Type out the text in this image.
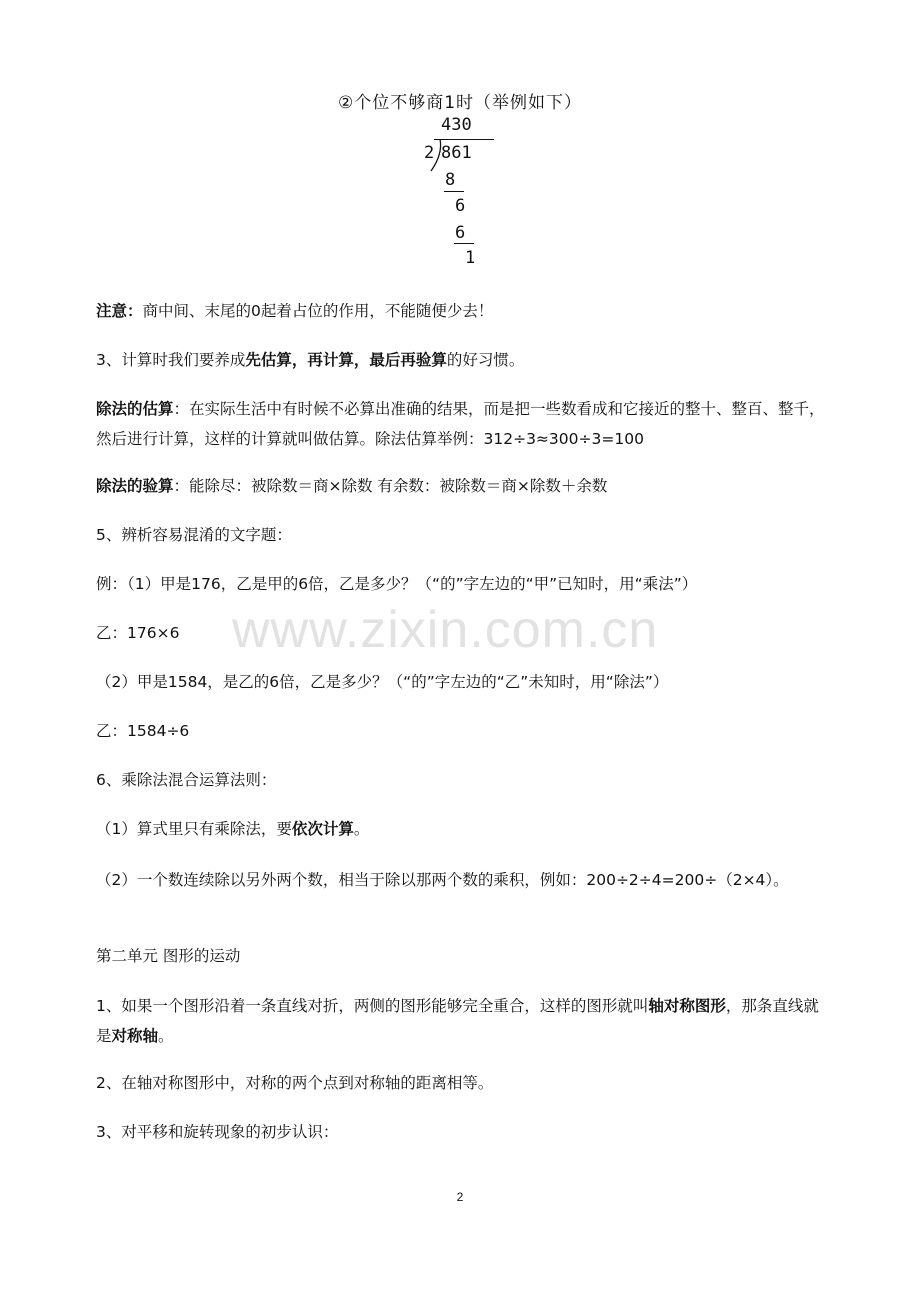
www.zixin.com.cn
②个位不够商1时（举例如下）
430
2 861
8
6
6
1
注意：商中间、末尾的0起着占位的作用，不能随便少去！
3、计算时我们要养成先估算，再计算，最后再验算的好习惯。
除法的估算：在实际生活中有时候不必算出准确的结果，而是把一些数看成和它接近的整十、整百、整千，然后进行计算，这样的计算就叫做估算。除法估算举例：312÷3≈300÷3=100
除法的验算：能除尽：被除数＝商×除数 有余数：被除数＝商×除数＋余数
5、辨析容易混淆的文字题：
例：（1）甲是176，乙是甲的6倍，乙是多少？（“的”字左边的“甲”已知时，用“乘法”）
乙：176×6
（2）甲是1584，是乙的6倍，乙是多少？（“的”字左边的“乙”未知时，用“除法”）
乙：1584÷6
6、乘除法混合运算法则：
（1）算式里只有乘除法，要依次计算。
（2）一个数连续除以另外两个数，相当于除以那两个数的乘积，例如：200÷2÷4=200÷（2×4）。
第二单元 图形的运动
1、如果一个图形沿着一条直线对折，两侧的图形能够完全重合，这样的图形就叫轴对称图形，那条直线就是对称轴。
2、在轴对称图形中，对称的两个点到对称轴的距离相等。
3、对平移和旋转现象的初步认识：
2
